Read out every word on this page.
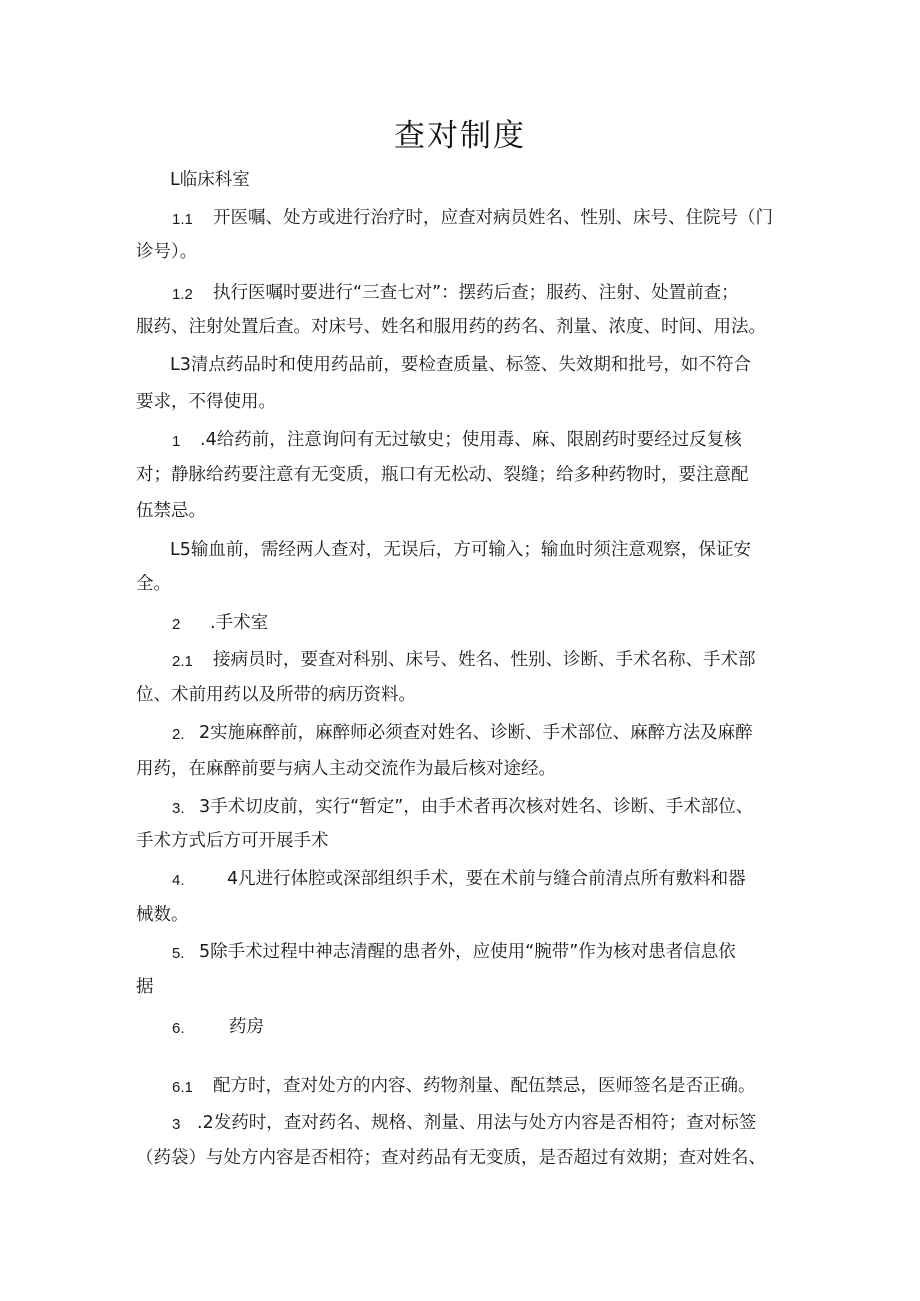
查对制度
L临床科室
1.1 开医嘱、处方或进行治疗时，应查对病员姓名、性别、床号、住院号（门
诊号）。
1.2 执行医嘱时要进行“三查七对”：摆药后查；服药、注射、处置前查；
服药、注射处置后查。对床号、姓名和服用药的药名、剂量、浓度、时间、用法。
L3清点药品时和使用药品前，要检查质量、标签、失效期和批号，如不符合
要求，不得使用。
1 .4给药前，注意询问有无过敏史；使用毒、麻、限剧药时要经过反复核
对；静脉给药要注意有无变质，瓶口有无松动、裂缝；给多种药物时，要注意配
伍禁忌。
L5输血前，需经两人查对，无误后，方可输入；输血时须注意观察，保证安
全。
2 .手术室
2.1 接病员时，要查对科别、床号、姓名、性别、诊断、手术名称、手术部
位、术前用药以及所带的病历资料。
2. 2实施麻醉前，麻醉师必须查对姓名、诊断、手术部位、麻醉方法及麻醉
用药，在麻醉前要与病人主动交流作为最后核对途经。
3. 3手术切皮前，实行“暂定”，由手术者再次核对姓名、诊断、手术部位、
手术方式后方可开展手术
4. 4凡进行体腔或深部组织手术，要在术前与缝合前清点所有敷料和器
械数。
5. 5除手术过程中神志清醒的患者外，应使用“腕带”作为核对患者信息依
据
6.	药房
6.1 配方时，查对处方的内容、药物剂量、配伍禁忌，医师签名是否正确。
3 .2发药时，查对药名、规格、剂量、用法与处方内容是否相符；查对标签
（药袋）与处方内容是否相符；查对药品有无变质，是否超过有效期；查对姓名、
